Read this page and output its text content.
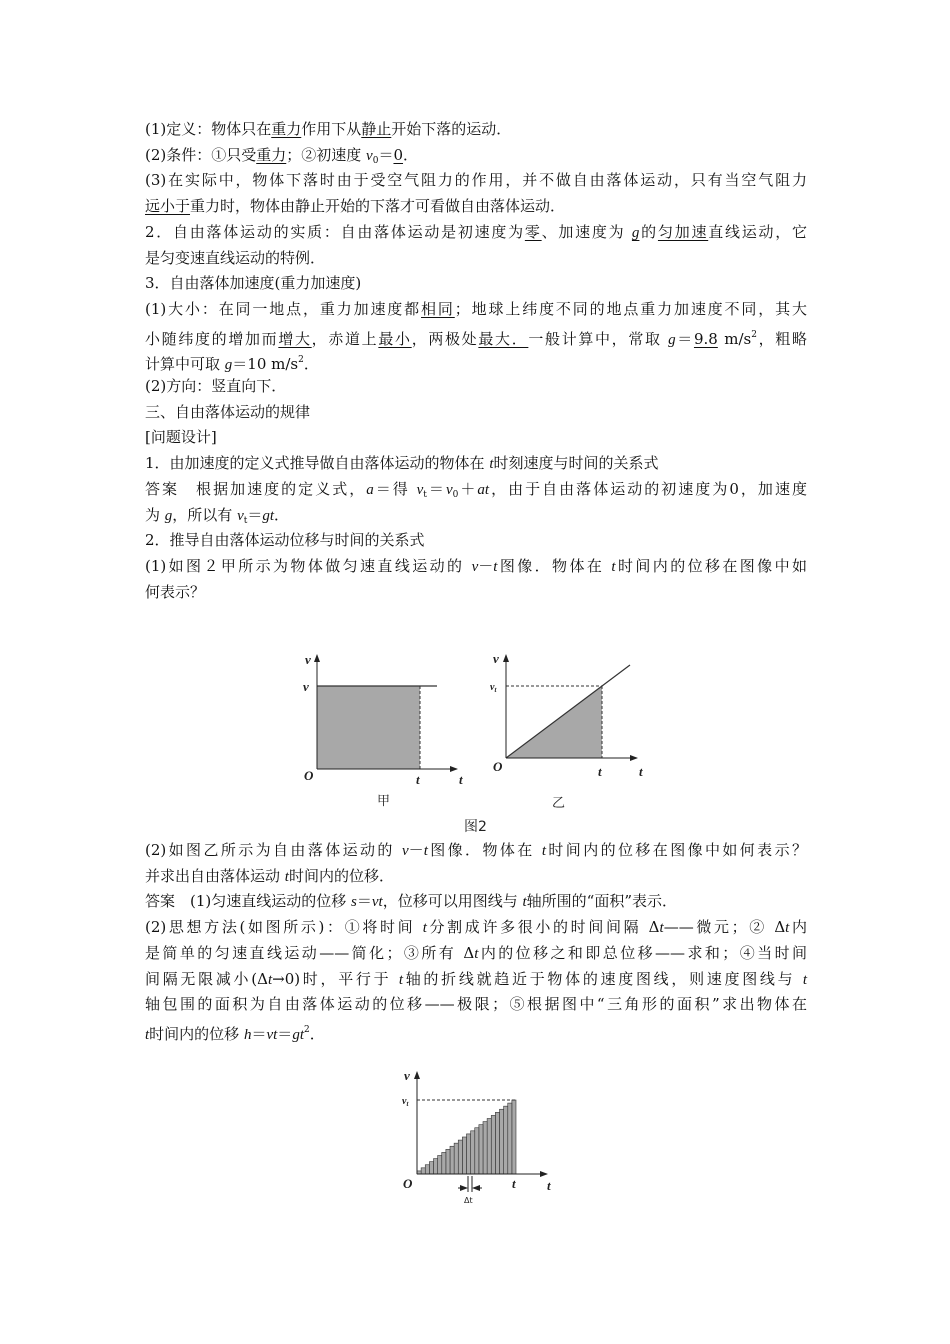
(1)定义：物体只在重力作用下从静止开始下落的运动．
(2)条件：①只受重力；②初速度 $v_0=0$．
(3)在实际中，物体下落时由于受空气阻力的作用，并不做自由落体运动，只有当空气阻力
远小于重力时，物体由静止开始的下落才可看做自由落体运动．
2．自由落体运动的实质：自由落体运动是初速度为零、加速度为 g的匀加速直线运动，它
是匀变速直线运动的特例．
3．自由落体加速度(重力加速度)
(1)大小：在同一地点，重力加速度都相同；地球上纬度不同的地点重力加速度不同，其大
小随纬度的增加而增大，赤道上最小，两极处最大．一般计算中，常取 g＝9.8 $m/s^2$，粗略
计算中可取 g＝10 $m/s^2$．
(2)方向：竖直向下．
三、自由落体运动的规律
[问题设计]
1．由加速度的定义式推导做自由落体运动的物体在 t时刻速度与时间的关系式
答案　根据加速度的定义式，a＝得 $v_t=v_0+at$，由于自由落体运动的初速度为0，加速度
为 g，所以有 $v_t=gt$．
2．推导自由落体运动位移与时间的关系式
(1)如图２甲所示为物体做匀速直线运动的 v－t图像．物体在 t时间内的位移在图像中如
何表示？
(2)如图乙所示为自由落体运动的 v－t图像．物体在 t时间内的位移在图像中如何表示？
并求出自由落体运动 t时间内的位移．
答案　(1)匀速直线运动的位移 s＝vt，位移可以用图线与 t轴所围的“面积”表示．
(2)思想方法(如图所示)：①将时间 t分割成许多很小的时间间隔 Δt——微元；② Δt内
是简单的匀速直线运动——简化；③所有 Δt内的位移之和即总位移——求和；④当时间
间隔无限减小(Δt→0)时，平行于 t轴的折线就趋近于物体的速度图线，则速度图线与 t
轴包围的面积为自由落体运动的位移——极限；⑤根据图中“三角形的面积”求出物体在
t时间内的位移 $h=vt=gt^2$．
v
v
O	t	t
甲
v
$v_t$
O	t	t
乙
图2
v
$v_t$
O	t t
Δt
